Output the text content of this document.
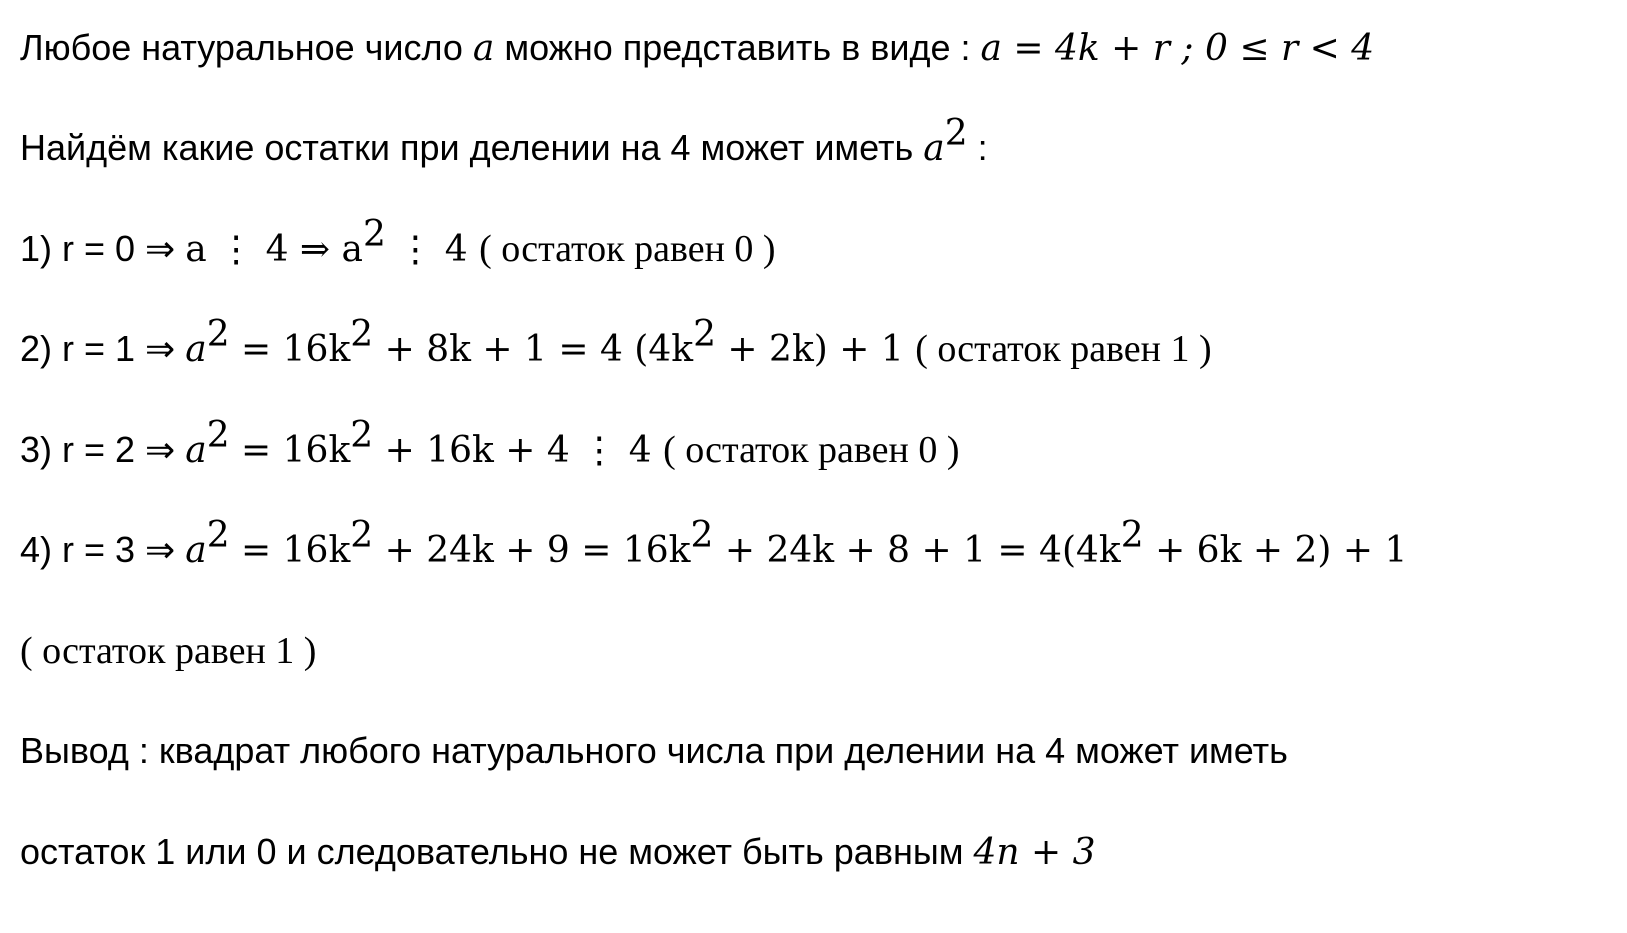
Любое натуральное число a можно представить в виде : a = 4k + r ; 0 ≤ r < 4
Найдём какие остатки при делении на 4 может иметь $a^2$ :
1) r = 0 ⇒ a ⋮ 4 ⇒ $a^2$ ⋮ 4 ( остаток равен 0 )
2) r = 1 ⇒ $a^2 = 16k^2 + 8k + 1 = 4$ $(4k^2 + 2k) + 1$ ( остаток равен 1 )
3) r = 2 ⇒ $a^2 = 16k^2 + 16k + 4$ ⋮ 4 ( остаток равен 0 )
4) r = 3 ⇒ $a^2 = 16k^2 + 24k + 9 = 16k^2 + 24k + 8 + 1 = 4(4k^2 + 6k + 2) + 1$
( остаток равен 1 )
Вывод : квадрат любого натурального числа при делении на 4 может иметь
остаток 1 или 0 и следовательно не может быть равным 4n + 3
